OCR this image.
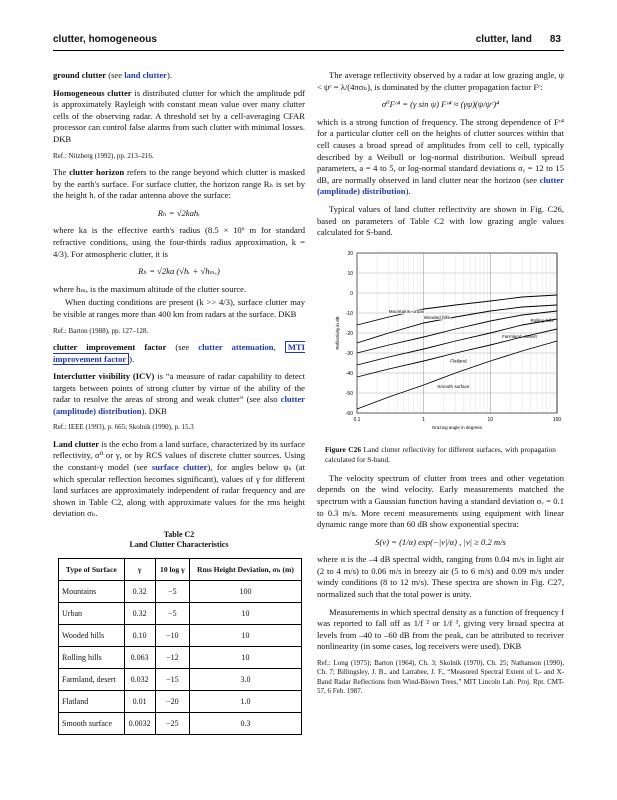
clutter, homogeneous	clutter, land 83

ground clutter (see land clutter).

Homogeneous clutter is distributed clutter for which the amplitude pdf is approximately Rayleigh with constant mean value over many clutter cells of the observing radar. A threshold set by a cell-averaging CFAR processor can control false alarms from such clutter with minimal losses. DKB

Ref.: Nitzberg (1992), pp. 213–216.

The clutter horizon refers to the range beyond which clutter is masked by the earth's surface. For surface clutter, the horizon range Rₕ is set by the height hᵣ of the radar antenna above the surface:

Rₕ = √2kahᵣ

where ka is the effective earth's radius (8.5 × 10⁶ m for standard refractive conditions, using the four-thirds radius approximation, k = 4/3). For atmospheric clutter, it is

Rₕ = √2ka (√hᵣ + √hₘₑ)

where hₘₑ is the maximum altitude of the clutter source.

When ducting conditions are present (k >> 4/3), surface clutter may be visible at ranges more than 400 km from radars at the surface. DKB

Ref.: Barton (1988), pp. 127–128.

clutter improvement factor (see clutter attenuation, MTI improvement factor ).

Interclutter visibility (ICV) is “a measure of radar capability to detect targets between points of strong clutter by virtue of the ability of the radar to resolve the areas of strong and weak clutter” (see also clutter (amplitude) distribution). DKB

Ref.: IEEE (1993), p. 665; Skolnik (1990), p. 15.3

Land clutter is the echo from a land surface, characterized by its surface reflectivity, σ⁰ or γ, or by RCS values of discrete clutter sources. Using the constant-γ model (see surface clutter), for angles below ψₛ (at which specular reflection becomes significant), values of γ for different land surfaces are approximately independent of radar frequency and are shown in Table C2, along with approximate values for the rms height deviation σₕ.

Table C2
Land Clutter Characteristics
Type of Surface	γ	10 log γ	Rms Height Deviation, σₕ (m)
Mountains	0.32	−5	100
Urban	0.32	−5	10
Wooded hills	0.10	−10	10
Rolling hills	0.063	−12	10
Farmland, desert	0.032	−15	3.0
Flatland	0.01	−20	1.0
Smooth surface	0.0032	−25	0.3

The average reflectivity observed by a radar at low grazing angle, ψ < ψᶜ = λ/(4πσₕ), is dominated by the clutter propagation factor Fᶜ:

σ⁰Fᶜ⁴ = (γ sin ψ) Fᶜ⁴ ≈ (γψ)(ψ/ψᶜ)⁴

which is a strong function of frequency. The strong dependence of Fᶜ⁴ for a particular clutter cell on the heights of clutter sources within that cell causes a broad spread of amplitudes from cell to cell, typically described by a Weibull or log-normal distribution. Weibull spread parameters, a = 4 to 5, or log-normal standard deviations σᵧ = 12 to 15 dB, are normally observed in land clutter near the horizon (see clutter (amplitude) distribution).

Typical values of land clutter reflectivity are shown in Fig. C26, based on parameters of Table C2 with low grazing angle values calculated for S-band.

20
10
0
-10
-20
-30
-40
-50
-60
0.1	1	10	100
Grazing angle in degrees
Reflectivity in dB
Mountains, urban
Wooded hills
Rolling hills
Farmland, desert
Flatland
Smooth surface
Figure C26 Land clutter reflectivity for different surfaces, with propagation calculated for S-band.

The velocity spectrum of clutter from trees and other vegetation depends on the wind velocity. Early measurements matched the spectrum with a Gaussian function having a standard deviation σᵥ = 0.1 to 0.3 m/s. More recent measurements using equipment with linear dynamic range more than 60 dB show exponential spectra:

S(v) = (1/α) exp(−|v|/α) , |v| ≥ 0.2 m/s

where α is the –4 dB spectral width, ranging from 0.04 m/s in light air (2 to 4 m/s) to 0.06 m/s in breezy air (5 to 6 m/s) and 0.09 m/s under windy conditions (8 to 12 m/s). These spectra are shown in Fig. C27, normalized such that the total power is unity.

Measurements in which spectral density as a function of frequency f was reported to fall off as 1/f ² or 1/f ³, giving very broad spectra at levels from –40 to –60 dB from the peak, can be attributed to receiver nonlinearity (in some cases, log receivers were used). DKB

Ref.: Long (1975); Barton (1964), Ch. 3; Skolnik (1970), Ch. 25; Nathanson (1990), Ch. 7; Billingsley, J. B., and Larrabee, J. F., “Measured Spectral Extent of L- and X-Band Radar Reflections from Wind-Blown Trees,” MIT Lincoln Lab. Proj. Rpt. CMT-57, 6 Feb. 1987.
